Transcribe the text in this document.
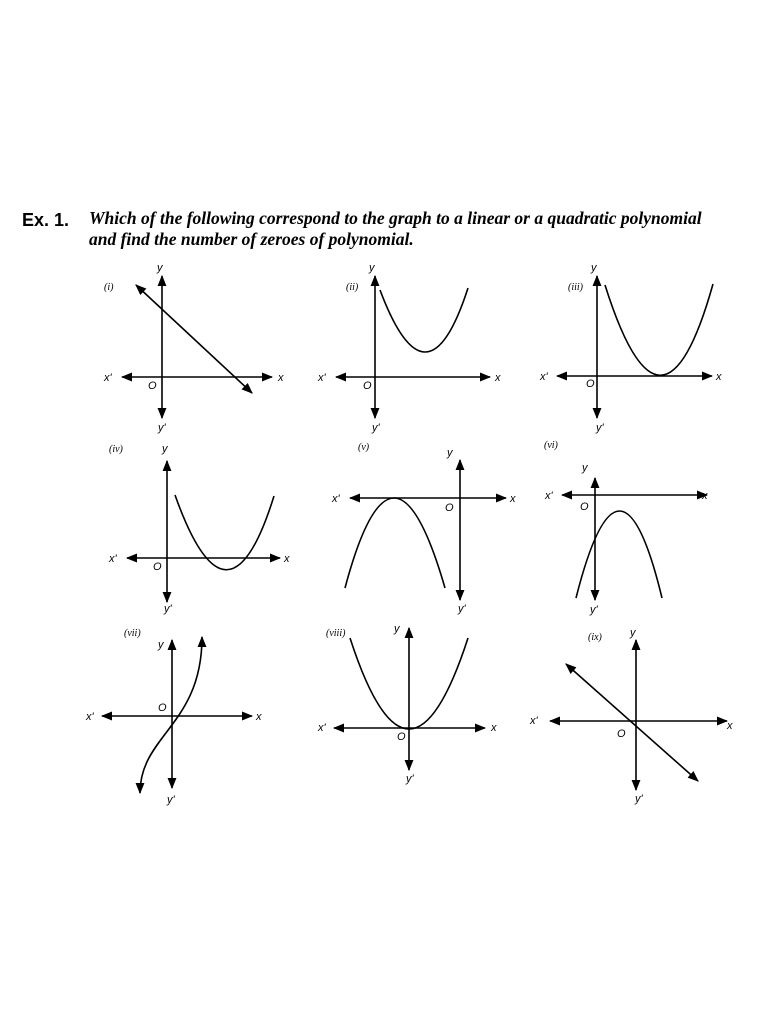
Ex. 1. Which of the following correspond to the graph to a linear or a quadratic polynomial
and find the number of zeroes of polynomial.
(i)
y
x
x'
y'
O
(ii)
y
x
x'
y'
O
(iii)
y
x
x'
y'
O
(iv)	y
x
x'
y'
O
(v)	y
x
x'
y'
O
(vi)
y
x
x'
y'
O
(vii)
y
x
x'
y'
O
(viii)	y
x
x'
y'
O
(ix)	y
x
x'
y'
O
